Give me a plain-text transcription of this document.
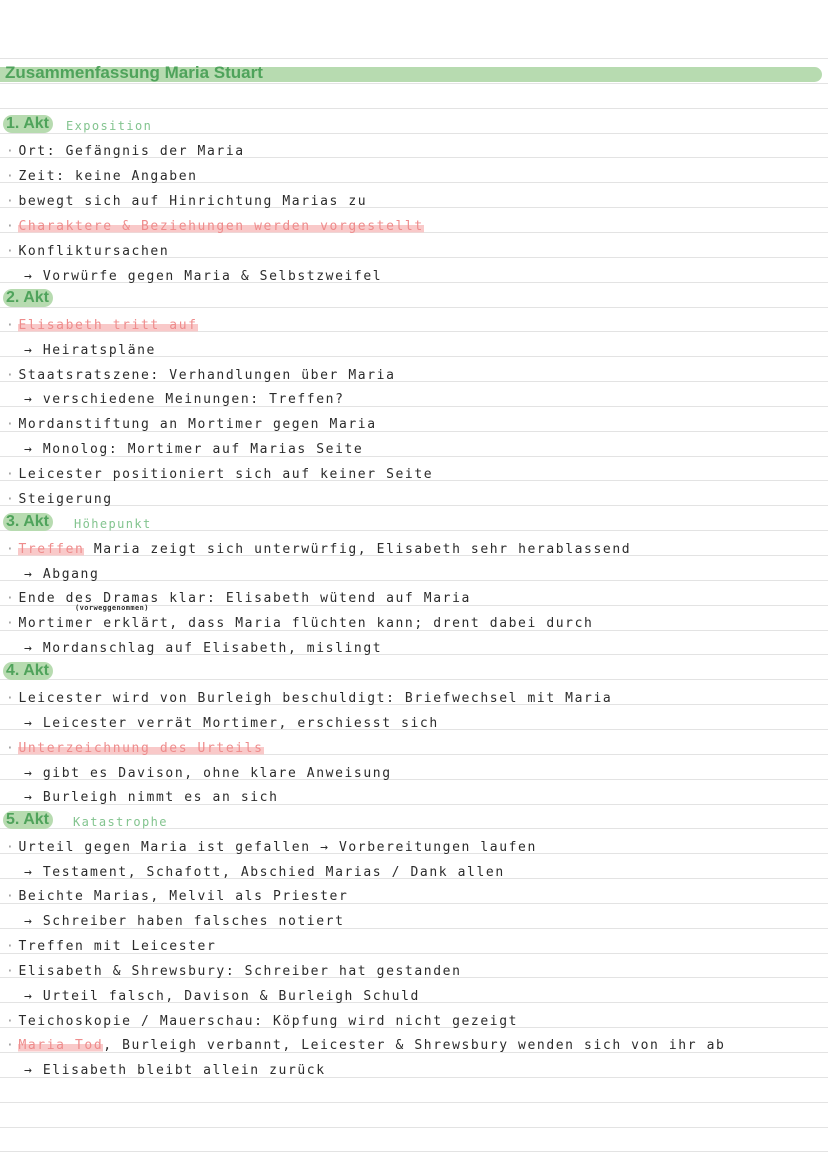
Zusammenfassung Maria Stuart
1. Akt	Exposition
· Ort: Gefängnis der Maria
· Zeit: keine Angaben
· bewegt sich auf Hinrichtung Marias zu
· Charaktere & Beziehungen werden vorgestellt
· Konfliktursachen
→ Vorwürfe gegen Maria & Selbstzweifel
2. Akt
· Elisabeth tritt auf
→ Heiratspläne
· Staatsratszene: Verhandlungen über Maria
→ verschiedene Meinungen: Treffen?
· Mordanstiftung an Mortimer gegen Maria
→ Monolog: Mortimer auf Marias Seite
· Leicester positioniert sich auf keiner Seite
· Steigerung
3. Akt	Höhepunkt
· Treffen Maria zeigt sich unterwürfig, Elisabeth sehr herablassend
→ Abgang
· Ende des Dramas klar: Elisabeth wütend auf Maria
(vorweggenommen)
· Mortimer erklärt, dass Maria flüchten kann; drent dabei durch
→ Mordanschlag auf Elisabeth, mislingt
4. Akt
· Leicester wird von Burleigh beschuldigt: Briefwechsel mit Maria
→ Leicester verrät Mortimer, erschiesst sich
· Unterzeichnung des Urteils
→ gibt es Davison, ohne klare Anweisung
→ Burleigh nimmt es an sich
5. Akt	Katastrophe
· Urteil gegen Maria ist gefallen → Vorbereitungen laufen
→ Testament, Schafott, Abschied Marias / Dank allen
· Beichte Marias, Melvil als Priester
→ Schreiber haben falsches notiert
· Treffen mit Leicester
· Elisabeth & Shrewsbury: Schreiber hat gestanden
→ Urteil falsch, Davison & Burleigh Schuld
· Teichoskopie / Mauerschau: Köpfung wird nicht gezeigt
· Maria Tod, Burleigh verbannt, Leicester & Shrewsbury wenden sich von ihr ab
→ Elisabeth bleibt allein zurück
